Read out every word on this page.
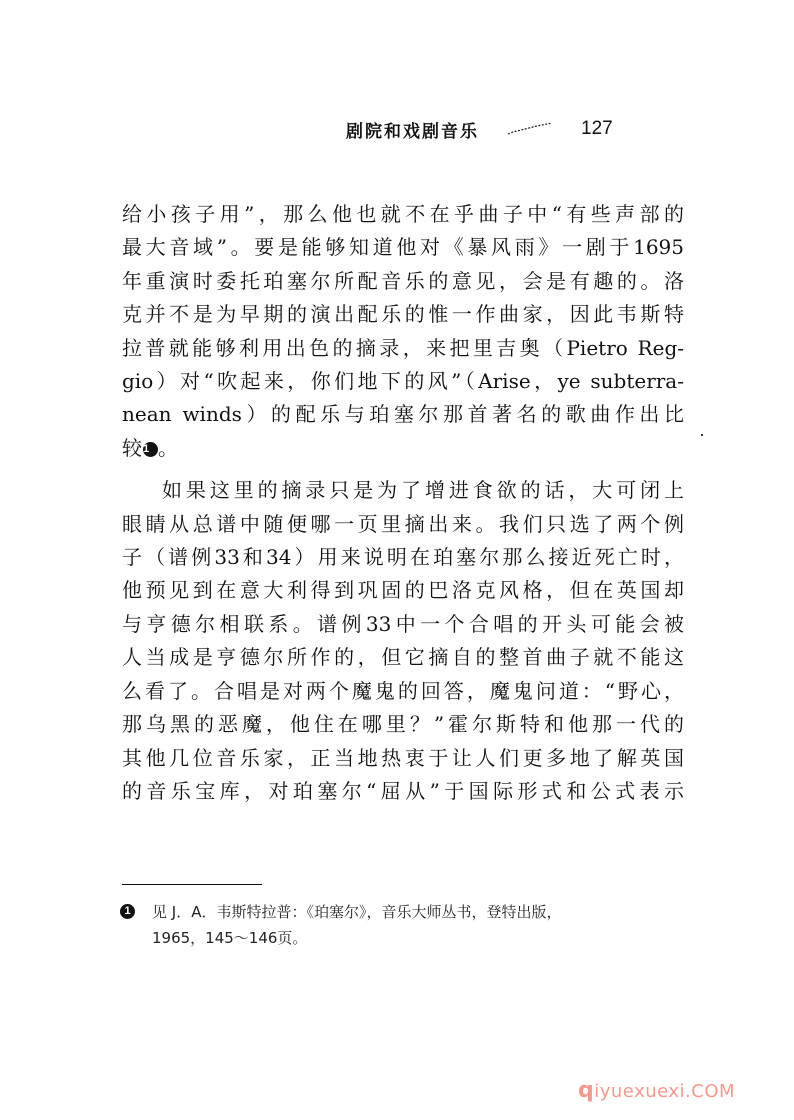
剧院和戏剧音乐	127

给小孩子用”，那么他也就不在乎曲子中“有些声部的
最大音域”。要是能够知道他对《暴风雨》一剧于1695
年重演时委托珀塞尔所配音乐的意见，会是有趣的。洛
克并不是为早期的演出配乐的惟一作曲家，因此韦斯特
拉普就能够利用出色的摘录，来把里吉奥（Pietro Reg-
gio）对“吹起来，你们地下的风”（Arise，ye subterra-
nean winds）的配乐与珀塞尔那首著名的歌曲作出比
较1 。

如果这里的摘录只是为了增进食欲的话，大可闭上
眼睛从总谱中随便哪一页里摘出来。我们只选了两个例
子（谱例33和34）用来说明在珀塞尔那么接近死亡时，
他预见到在意大利得到巩固的巴洛克风格，但在英国却
与亨德尔相联系。谱例33中一个合唱的开头可能会被
人当成是亨德尔所作的，但它摘自的整首曲子就不能这
么看了。合唱是对两个魔鬼的回答，魔鬼问道：“野心，
那乌黑的恶魔，他住在哪里？”霍尔斯特和他那一代的
其他几位音乐家，正当地热衷于让人们更多地了解英国
的音乐宝库，对珀塞尔“屈从”于国际形式和公式表示

1 见 J．A．韦斯特拉普：《珀塞尔》，音乐大师丛书，登特出版，
1965，145～146页。
qiyuexuexi.COM
